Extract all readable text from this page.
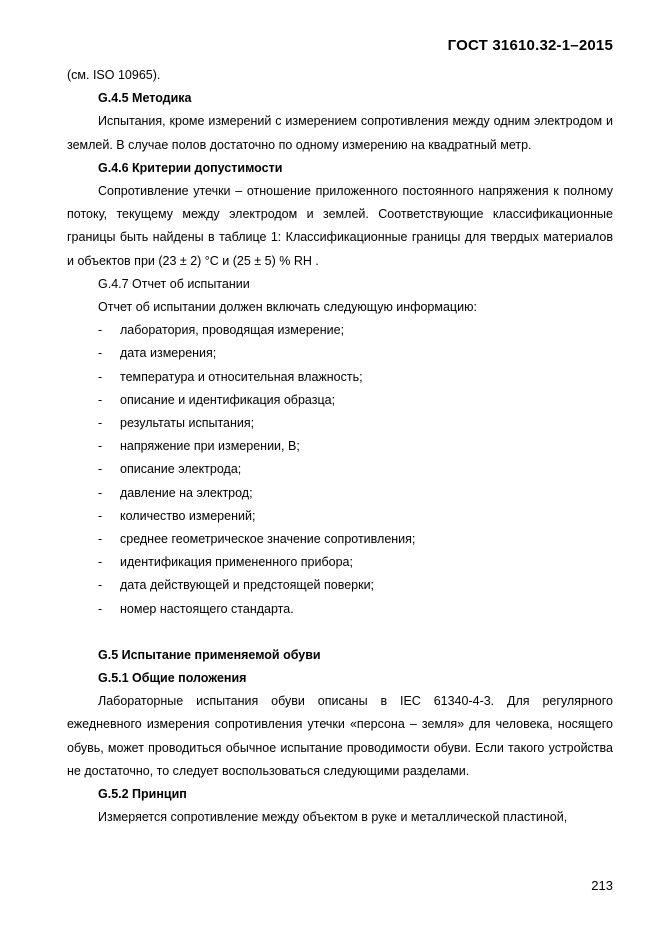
ГОСТ 31610.32-1–2015

(см. ISO 10965).

G.4.5 Методика

Испытания, кроме измерений с измерением сопротивления между одним электродом и землей. В случае полов достаточно по одному измерению на квадратный метр.

G.4.6 Критерии допустимости

Сопротивление утечки – отношение приложенного постоянного напряжения к полному потоку, текущему между электродом и землей. Соответствующие классификационные границы быть найдены в таблице 1: Классификационные границы для твердых материалов и объектов при (23 ± 2) °С и (25 ± 5) % RH .

G.4.7 Отчет об испытании

Отчет об испытании должен включать следующую информацию:

- лаборатория, проводящая измерение;
- дата измерения;
- температура и относительная влажность;
- описание и идентификация образца;
- результаты испытания;
- напряжение при измерении, В;
- описание электрода;
- давление на электрод;
- количество измерений;
- среднее геометрическое значение сопротивления;
- идентификация примененного прибора;
- дата действующей и предстоящей поверки;
- номер настоящего стандарта.

G.5 Испытание применяемой обуви

G.5.1 Общие положения

Лабораторные испытания обуви описаны в IEC 61340-4-3. Для регулярного ежедневного измерения сопротивления утечки «персона – земля» для человека, носящего обувь, может проводиться обычное испытание проводимости обуви. Если такого устройства не достаточно, то следует воспользоваться следующими разделами.

G.5.2 Принцип

Измеряется сопротивление между объектом в руке и металлической пластиной,

213
